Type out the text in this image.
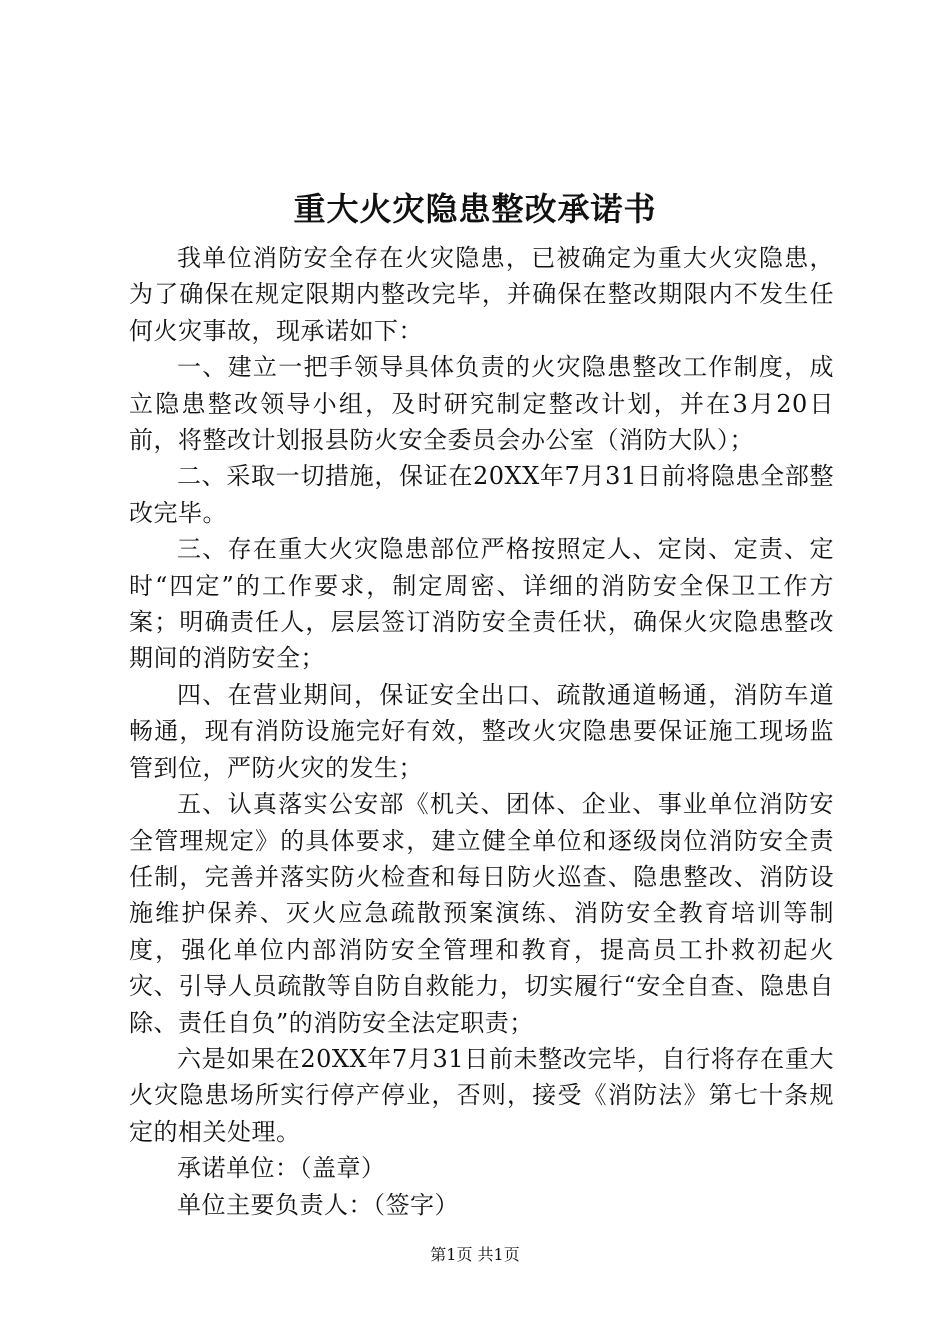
重大火灾隐患整改承诺书

我单位消防安全存在火灾隐患，已被确定为重大火灾隐患，为了确保在规定限期内整改完毕，并确保在整改期限内不发生任何火灾事故，现承诺如下：

一、建立一把手领导具体负责的火灾隐患整改工作制度，成立隐患整改领导小组，及时研究制定整改计划，并在3月20日前，将整改计划报县防火安全委员会办公室（消防大队）；

二、采取一切措施，保证在20XX年7月31日前将隐患全部整改完毕。

三、存在重大火灾隐患部位严格按照定人、定岗、定责、定时“四定”的工作要求，制定周密、详细的消防安全保卫工作方案；明确责任人，层层签订消防安全责任状，确保火灾隐患整改期间的消防安全；

四、在营业期间，保证安全出口、疏散通道畅通，消防车道畅通，现有消防设施完好有效，整改火灾隐患要保证施工现场监管到位，严防火灾的发生；

五、认真落实公安部《机关、团体、企业、事业单位消防安全管理规定》的具体要求，建立健全单位和逐级岗位消防安全责任制，完善并落实防火检查和每日防火巡查、隐患整改、消防设施维护保养、灭火应急疏散预案演练、消防安全教育培训等制度，强化单位内部消防安全管理和教育，提高员工扑救初起火灾、引导人员疏散等自防自救能力，切实履行“安全自查、隐患自除、责任自负”的消防安全法定职责；

六是如果在20XX年7月31日前未整改完毕，自行将存在重大火灾隐患场所实行停产停业，否则，接受《消防法》第七十条规定的相关处理。

承诺单位：（盖章）

单位主要负责人：（签字）

第1页 共1页
